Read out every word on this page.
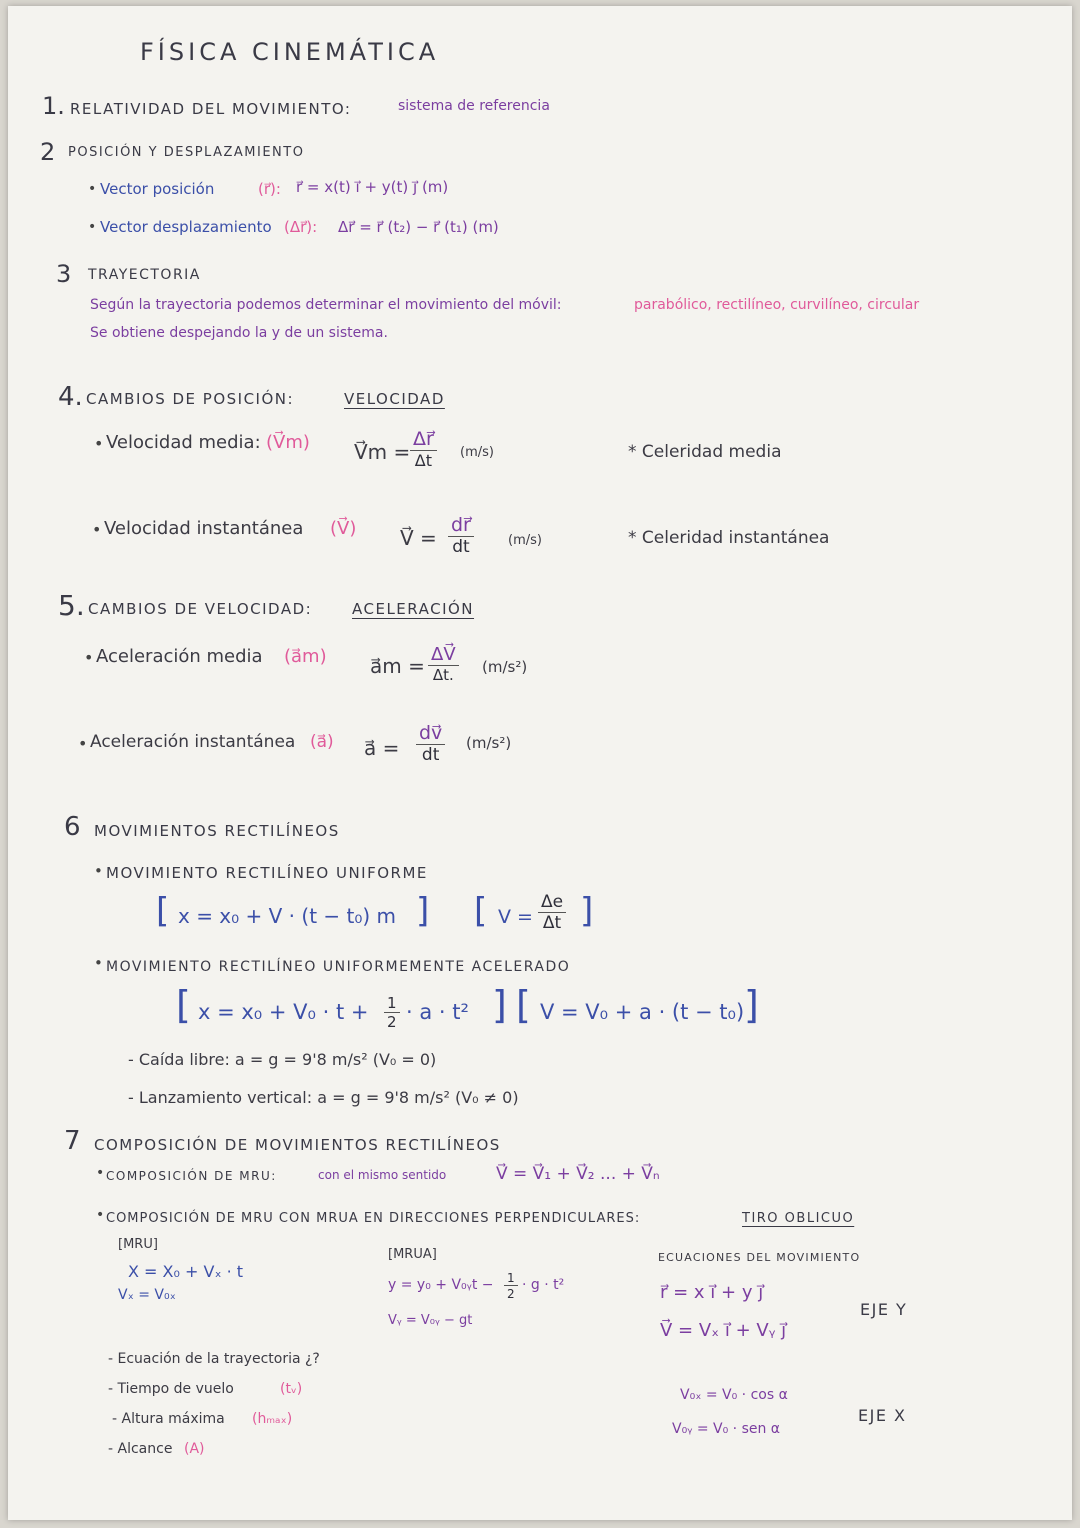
FÍSICA CINEMÁTICA
1. RELATIVIDAD DEL MOVIMIENTO:	sistema de referencia
2 POSICIÓN Y DESPLAZAMIENTO
• Vector posición	(r⃗): r⃗ = x(t) i⃗ + y(t) j⃗ (m)
• Vector desplazamiento (Δr⃗): Δr⃗ = r⃗ (t₂) − r⃗ (t₁) (m)
3 TRAYECTORIA
Según la trayectoria podemos determinar el movimiento del móvil:	parabólico, rectilíneo, curvilíneo, circular
Se obtiene despejando la y de un sistema.
4. CAMBIOS DE POSICIÓN:	VELOCIDAD
• Velocidad media: (V⃗m) V⃗m =
Δr⃗
Δt (m/s)	* Celeridad media
• Velocidad instantánea (V⃗) V⃗ = $\frac{dr⃗}{dt}$	(m/s)	* Celeridad instantánea
5. CAMBIOS DE VELOCIDAD:	ACELERACIÓN
• Aceleración media (a⃗m) a⃗m = ΔV⃗
Δt. (m/s²)
• Aceleración instantánea (a⃗) a⃗ = $\frac{dv⃗}{dt} (m/s^2)$
6 MOVIMIENTOS RECTILÍNEOS
• MOVIMIENTO RECTILÍNEO UNIFORME
[ x = x₀ + V · (t − t₀) m ] [ $V = \frac{\Delta e}{\Delta t}$ ]
• MOVIMIENTO RECTILÍNEO UNIFORMEMENTE ACELERADO
[ $x = x_0 + V_0 \cdot t + \frac{1}{2} \cdot a \cdot t^2$ ] [ V = V₀ + a · (t − t₀) ]
- Caída libre: a = g = 9'8 m/s² (V₀ = 0)
- Lanzamiento vertical: a = g = 9'8 m/s² (V₀ ≠ 0)
7 COMPOSICIÓN DE MOVIMIENTOS RECTILÍNEOS
• COMPOSICIÓN DE MRU:	con el mismo sentido	V⃗ = V⃗₁ + V⃗₂ ... + V⃗ₙ
• COMPOSICIÓN DE MRU CON MRUA EN DIRECCIONES PERPENDICULARES:	TIRO OBLICUO
[MRU]
X = X₀ + Vₓ · t
Vₓ = V₀ₓ
[MRUA]
y = y₀ + V₀ᵧt − $\frac{1}{2} \cdot g \cdot t^2$
Vᵧ = V₀ᵧ − gt
ECUACIONES DEL MOVIMIENTO
r⃗ = x i⃗ + y j⃗
V⃗ = Vₓ i⃗ + Vᵧ j⃗
EJE Y
- Ecuación de la trayectoria ¿?
- Tiempo de vuelo	(tᵥ)
- Altura máxima (hₘₐₓ)
- Alcance (A)
V₀ₓ = V₀ · cos α
V₀ᵧ = V₀ · sen α
EJE X
